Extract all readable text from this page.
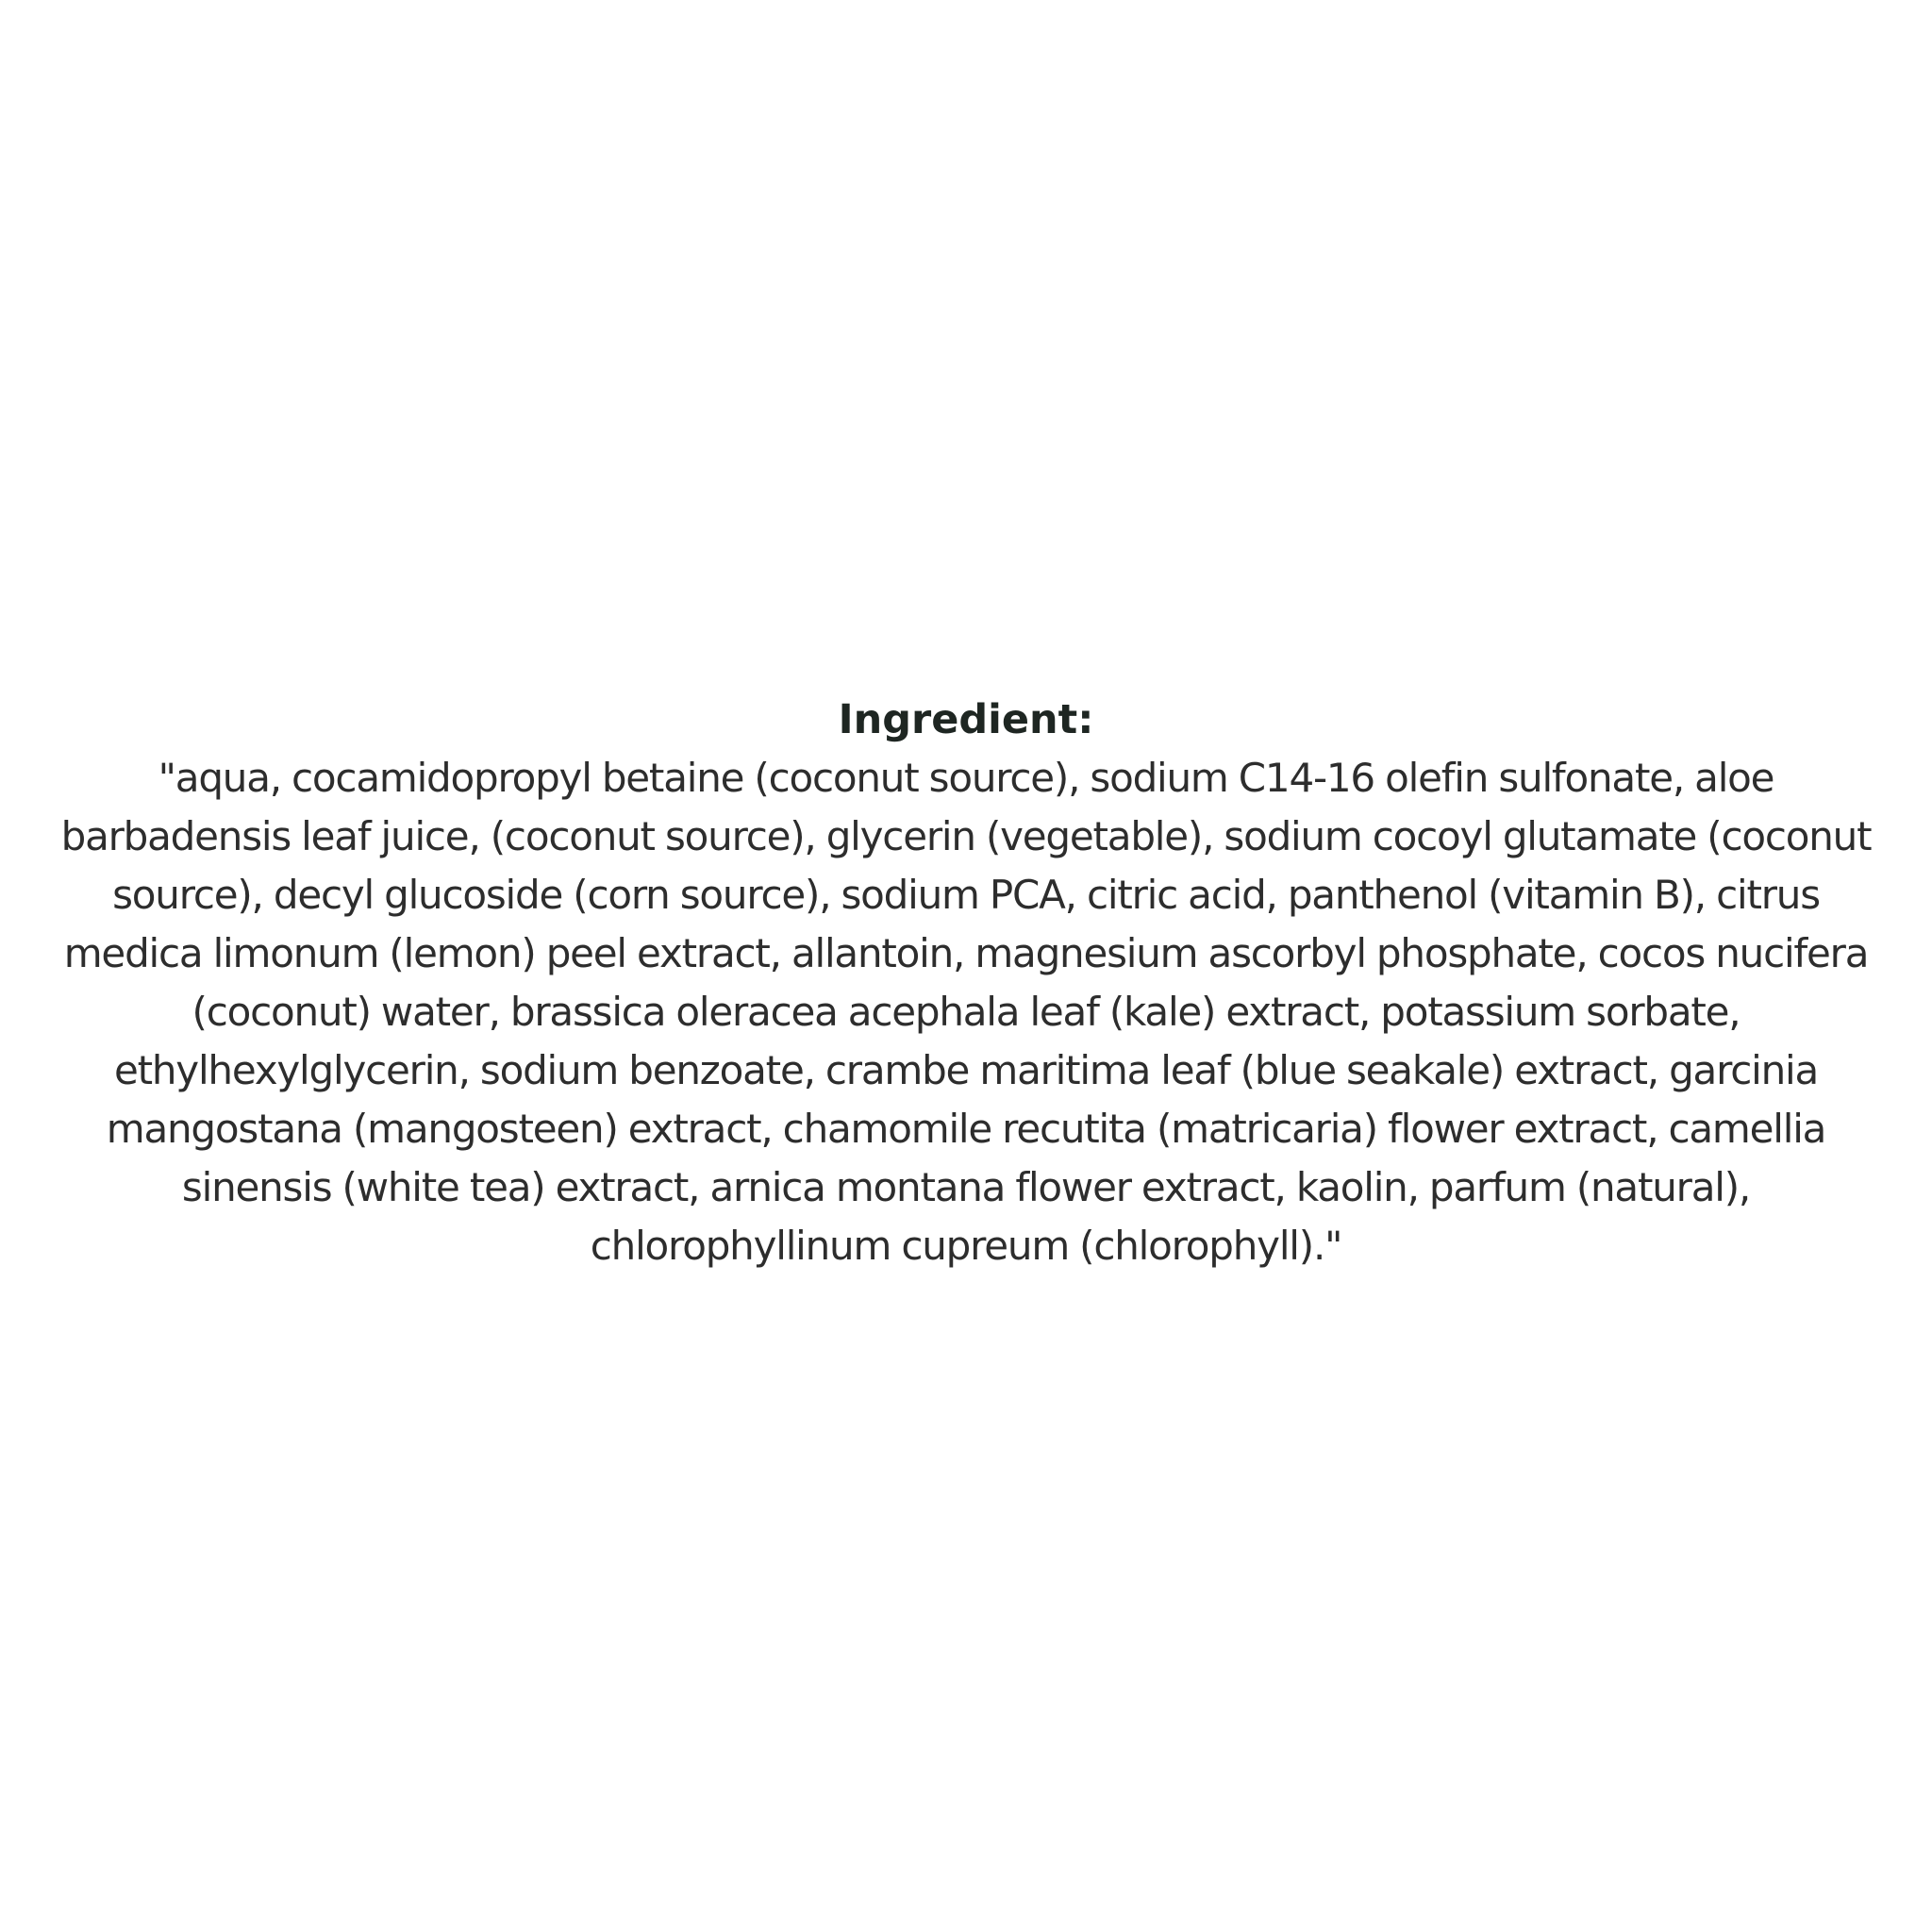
Ingredient:
"aqua, cocamidopropyl betaine (coconut source), sodium C14-16 olefin sulfonate, aloe
barbadensis leaf juice, (coconut source), glycerin (vegetable), sodium cocoyl glutamate (coconut
source), decyl glucoside (corn source), sodium PCA, citric acid, panthenol (vitamin B), citrus
medica limonum (lemon) peel extract, allantoin, magnesium ascorbyl phosphate, cocos nucifera
(coconut) water, brassica oleracea acephala leaf (kale) extract, potassium sorbate,
ethylhexylglycerin, sodium benzoate, crambe maritima leaf (blue seakale) extract, garcinia
mangostana (mangosteen) extract, chamomile recutita (matricaria) flower extract, camellia
sinensis (white tea) extract, arnica montana flower extract, kaolin, parfum (natural),
chlorophyllinum cupreum (chlorophyll)."
